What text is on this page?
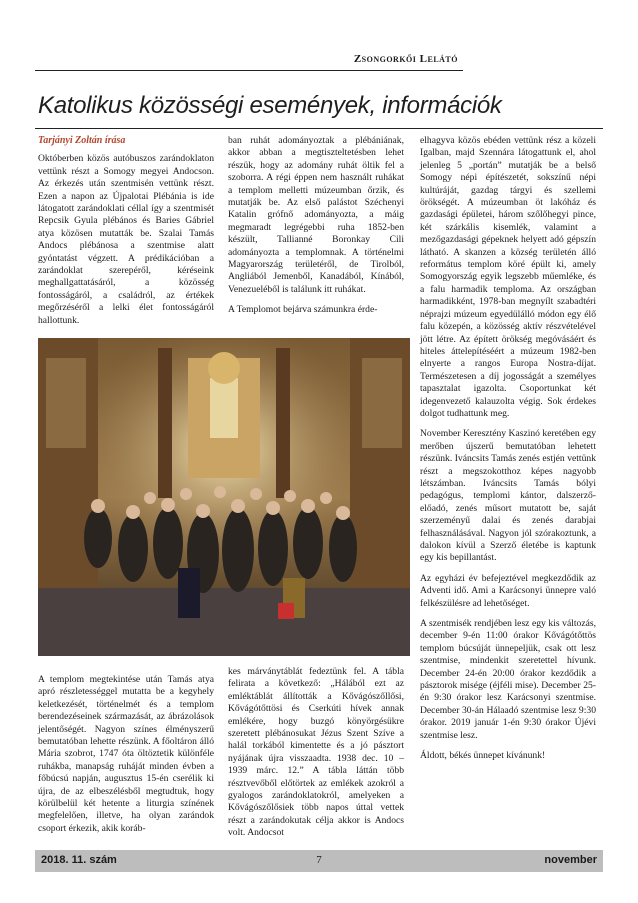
Zsongorkői Lelátó
Katolikus közösségi események, információk

Tarjányi Zoltán írása

Októberben közös autóbuszos zarándoklaton vettünk részt a Somogy megyei Andocson. Az érkezés után szentmisén vettünk részt. Ezen a napon az Újpalotai Plébánia is ide látogatott zarándoklati céllal így a szentmisét Repcsik Gyula plébános és Baries Gábriel atya közösen mutatták be. Szalai Tamás Andocs plébánosa a szentmise alatt gyóntatást végzett. A prédikációban a zarándoklat szerepéről, kéréseink meghallgattatásáról, a közösség fontosságáról, a családról, az értékek megőrzéséről a lelki élet fontosságáról hallottunk.

ban ruhát adományoztak a plébániának, akkor abban a megtiszteltetésben lehet részük, hogy az adomány ruhát öltik fel a szoborra. A régi éppen nem használt ruhákat a templom melletti múzeumban őrzik, és mutatják be. Az első palástot Széchenyi Katalin grófnő adományozta, a máig megmaradt legrégebbi ruha 1852-ben készült, Tallianné Boronkay Cili adományozta a templomnak. A történelmi Magyarország területéről, de Tirolból, Angliából Jemenből, Kanadából, Kínából, Venezueléből is találunk itt ruhákat.

A Templomot bejárva számunkra érde-

elhagyva közös ebéden vettünk rész a közeli Igalban, majd Szennára látogattunk el, ahol jelenleg 5 „portán” mutatják be a belső Somogy népi építészetét, sokszínű népi kultúráját, gazdag tárgyi és szellemi örökségét. A múzeumban öt lakóház és gazdasági épületei, három szőlőhegyi pince, két szárkális kisemlék, valamint a mezőgazdasági gépeknek helyett adó gépszín látható. A skanzen a község területén álló református templom köré épült ki, amely Somogyország egyik legszebb műemléke, és a falu harmadik temploma. Az országban harmadikként, 1978-ban megnyílt szabadtéri néprajzi múzeum egyedülálló módon egy élő falu közepén, a közösség aktív részvételével jött létre. Az épített örökség megóvásáért és hiteles áttelepítéséért a múzeum 1982-ben elnyerte a rangos Europa Nostra-díjat. Természetesen a díj jogosságát a személyes tapasztalat igazolta. Csoportunkat két idegenvezető kalauzolta végig. Sok érdekes dolgot tudhattunk meg.

November Keresztény Kaszinó keretében egy merőben újszerű bemutatóban lehetett részünk. Iváncsits Tamás zenés estjén vettünk részt a megszokotthoz képes nagyobb létszámban. Iváncsits Tamás bólyi pedagógus, templomi kántor, dalszerző-előadó, zenés műsort mutatott be, saját szerzeményű dalai és zenés darabjai felhasználásával. Nagyon jól szórakoztunk, a dalokon kívül a Szerző életébe is kaptunk egy kis bepillantást.

Az egyházi év befejeztével megkezdődik az Adventi idő. Ami a Karácsonyi ünnepre való felkészülésre ad lehetőséget.

A szentmisék rendjében lesz egy kis változás, december 9-én 11:00 órakor Kővágótőttös templom búcsúját ünnepeljük, csak ott lesz szentmise, mindenkit szeretettel hívunk. December 24-én 20:00 órakor kezdődik a pásztorok misége (éjféli mise). December 25-én 9:30 órakor lesz Karácsonyi szentmise. December 30-án Hálaadó szentmise lesz 9:30 órakor. 2019 január 1-én 9:30 órakor Újévi szentmise lesz.

Áldott, békés ünnepet kívánunk!

A templom megtekintése után Tamás atya apró részletességgel mutatta be a kegyhely keletkezését, történelmét és a templom berendezéseinek származását, az ábrázolások jelentőségét. Nagyon színes élményszerű bemutatóban lehette részünk. A főoltáron álló Mária szobrot, 1747 óta öltöztetik különféle ruhákba, manapság ruháját minden évben a főbúcsú napján, augusztus 15-én cserélik ki újra, de az elbeszélésből megtudtuk, hogy körülbelül két hetente a liturgia színének megfelelően, illetve, ha olyan zarándok csoport érkezik, akik koráb-

kes márványtáblát fedeztünk fel. A tábla felirata a következő: „Hálából ezt az emléktáblát állították a Kővágószőllősi, Kővágótőttösi és Cserkúti hívek annak emlékére, hogy buzgó könyörgésükre szeretett plébánosukat Jézus Szent Szíve a halál torkából kimentette és a jó pásztort nyájának újra visszaadta. 1938 dec. 10 – 1939 márc. 12.” A tábla láttán több résztvevőből előtörtek az emlékek azokról a gyalogos zarándoklatokról, amelyeken a Kővágószőlősiek több napos úttal vettek részt a zarándokutak célja akkor is Andocs volt. Andocsot

2018. 11. szám	7	november
